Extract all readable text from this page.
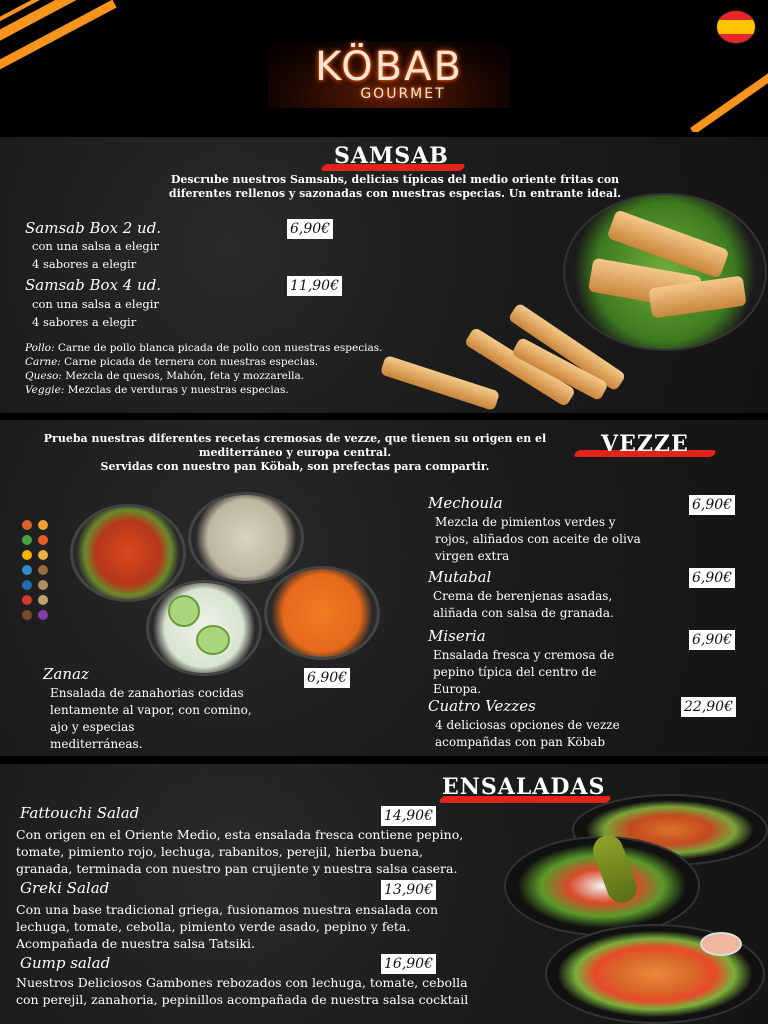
KÖBAB
GOURMET
SAMSAB
Descrube nuestros Samsabs, delicias típicas del medio oriente fritas con
diferentes rellenos y sazonadas con nuestras especias. Un entrante ideal.
Samsab Box 2 ud.	6,90€
con una salsa a elegir
4 sabores a elegir
Samsab Box 4 ud.	11,90€
con una salsa a elegir
4 sabores a elegir
Pollo: Carne de pollo blanca picada de pollo con nuestras especias.
Carne: Carne picada de ternera con nuestras especias.
Queso: Mezcla de quesos, Mahón, feta y mozzarella.
Veggie: Mezclas de verduras y nuestras especias.
VEZZE
Prueba nuestras diferentes recetas cremosas de vezze, que tienen su origen en el
mediterráneo y europa central.
Servidas con nuestro pan Köbab, son prefectas para compartir.
Zanaz	6,90€
Ensalada de zanahorias cocidas
lentamente al vapor, con comino,
ajo y especias
mediterráneas.
Mechoula	6,90€
Mezcla de pimientos verdes y
rojos, aliñados con aceite de oliva
virgen extra
Mutabal	6,90€
Crema de berenjenas asadas,
aliñada con salsa de granada.
Miseria	6,90€
Ensalada fresca y cremosa de
pepino típica del centro de
Europa.
Cuatro Vezzes	22,90€
4 deliciosas opciones de vezze
acompañdas con pan Köbab
ENSALADAS
Fattouchi Salad	14,90€
Con origen en el Oriente Medio, esta ensalada fresca contiene pepino,
tomate, pimiento rojo, lechuga, rabanitos, perejil, hierba buena,
granada, terminada con nuestro pan crujiente y nuestra salsa casera.
Greki Salad	13,90€
Con una base tradicional griega, fusionamos nuestra ensalada con
lechuga, tomate, cebolla, pimiento verde asado, pepino y feta.
Acompañada de nuestra salsa Tatsiki.
Gump salad	16,90€
Nuestros Deliciosos Gambones rebozados con lechuga, tomate, cebolla
con perejil, zanahoria, pepinillos acompañada de nuestra salsa cocktail
